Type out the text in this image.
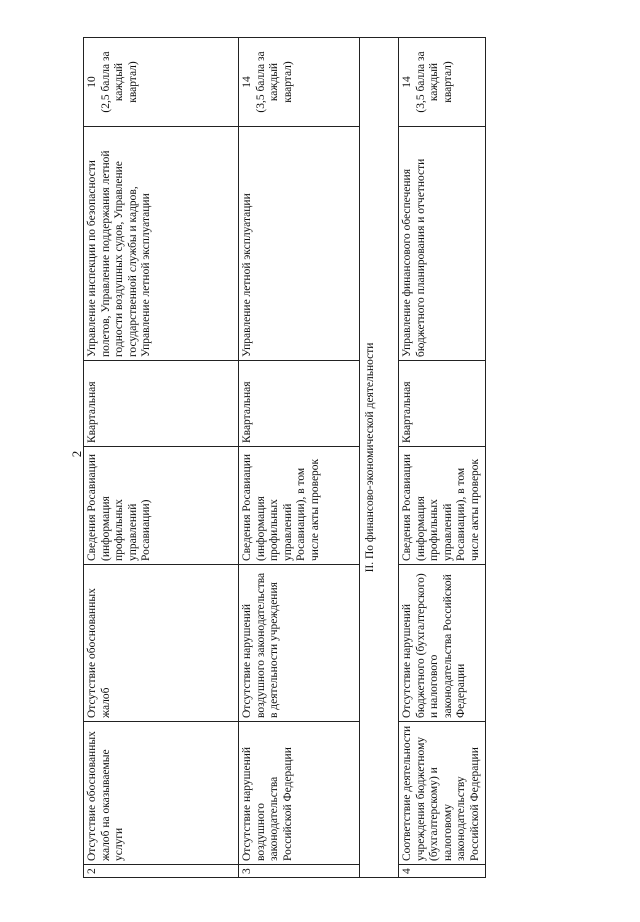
2
2	Отсутствие обоснованных жалоб на оказываемые услуги	Отсутствие обоснованных жалоб	Сведения Росавиации (информация профильных управлений Росавиации)	Квартальная	Управление инспекции по безопасности полетов, Управление поддержания летной годности воздушных судов, Управление государственной службы и кадров, Управление летной эксплуатации	10
(2,5 балла за каждый квартал)
3	Отсутствие нарушений воздушного законодательства Российской Федерации	Отсутствие нарушений воздушного законодательства в деятельности учреждения	Сведения Росавиации (информация профильных управлений Росавиации), в том числе акты проверок	Квартальная	Управление летной эксплуатации	14
(3,5 балла за каждый квартал)
II. По финансово-экономической деятельности						
4	Соответствие деятельности учреждения бюджетному (бухгалтерскому) и налоговому законодательству Российской Федерации	Отсутствие нарушений бюджетного (бухгалтерского) и налогового законодательства Российской Федерации	Сведения Росавиации (информация профильных управлений Росавиации), в том числе акты проверок	Квартальная	Управление финансового обеспечения бюджетного планирования и отчетности	14
(3,5 балла за каждый квартал)
